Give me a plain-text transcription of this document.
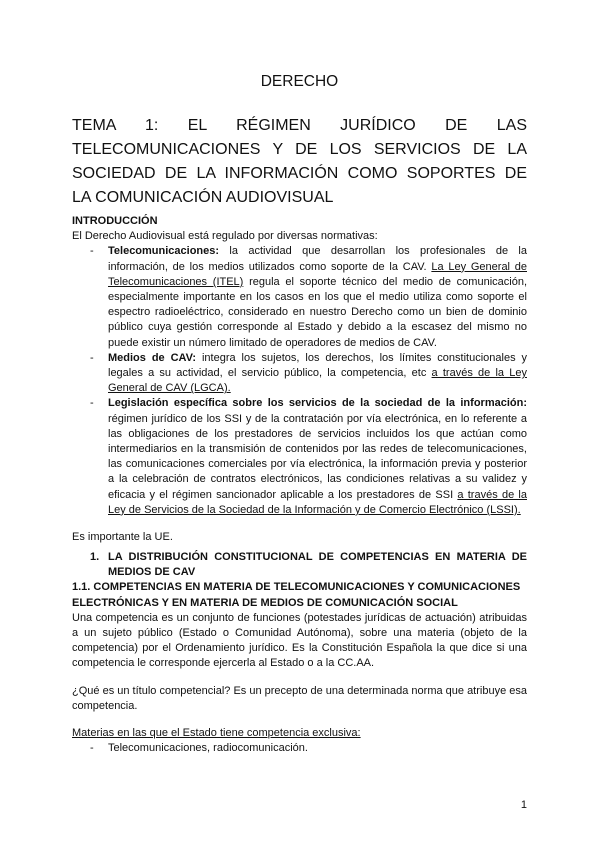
DERECHO
TEMA 1: EL RÉGIMEN JURÍDICO DE LAS
TELECOMUNICACIONES Y DE LOS SERVICIOS DE LA
SOCIEDAD DE LA INFORMACIÓN COMO SOPORTES DE
LA COMUNICACIÓN AUDIOVISUAL

INTRODUCCIÓN

El Derecho Audiovisual está regulado por diversas normativas:

- Telecomunicaciones: la actividad que desarrollan los profesionales de la información, de los medios utilizados como soporte de la CAV. La Ley General de Telecomunicaciones (ITEL) regula el soporte técnico del medio de comunicación, especialmente importante en los casos en los que el medio utiliza como soporte el espectro radioeléctrico, considerado en nuestro Derecho como un bien de dominio público cuya gestión corresponde al Estado y debido a la escasez del mismo no puede existir un número limitado de operadores de medios de CAV.
- Medios de CAV: integra los sujetos, los derechos, los límites constitucionales y legales a su actividad, el servicio público, la competencia, etc a través de la Ley General de CAV (LGCA).
- Legislación específica sobre los servicios de la sociedad de la información: régimen jurídico de los SSI y de la contratación por vía electrónica, en lo referente a las obligaciones de los prestadores de servicios incluidos los que actúan como intermediarios en la transmisión de contenidos por las redes de telecomunicaciones, las comunicaciones comerciales por vía electrónica, la información previa y posterior a la celebración de contratos electrónicos, las condiciones relativas a su validez y eficacia y el régimen sancionador aplicable a los prestadores de SSI a través de la Ley de Servicios de la Sociedad de la Información y de Comercio Electrónico (LSSI).

Es importante la UE.

1. LA DISTRIBUCIÓN CONSTITUCIONAL DE COMPETENCIAS EN MATERIA DE MEDIOS DE CAV

1.1. COMPETENCIAS EN MATERIA DE TELECOMUNICACIONES Y COMUNICACIONES ELECTRÓNICAS Y EN MATERIA DE MEDIOS DE COMUNICACIÓN SOCIAL

Una competencia es un conjunto de funciones (potestades jurídicas de actuación) atribuidas a un sujeto público (Estado o Comunidad Autónoma), sobre una materia (objeto de la competencia) por el Ordenamiento jurídico. Es la Constitución Española la que dice si una competencia le corresponde ejercerla al Estado o a la CC.AA.

¿Qué es un título competencial? Es un precepto de una determinada norma que atribuye esa competencia.

Materias en las que el Estado tiene competencia exclusiva:

- Telecomunicaciones, radiocomunicación.
1
